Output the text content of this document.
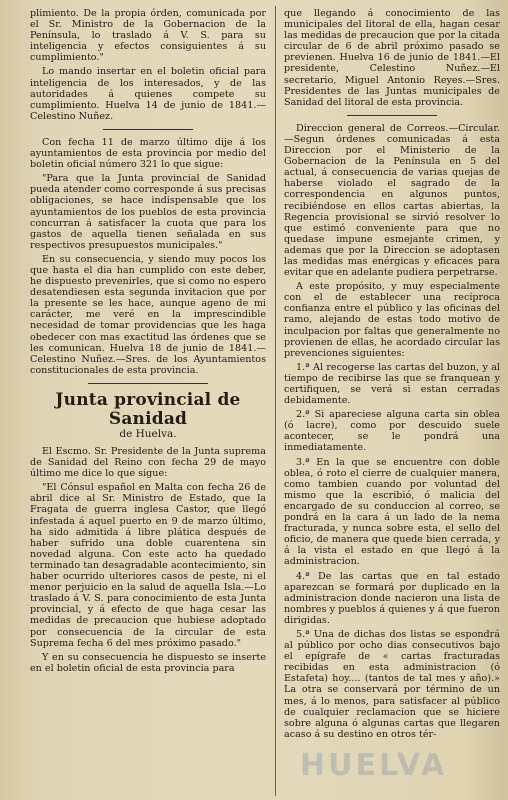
plimiento. De la propia órden, comunicada por el Sr. Ministro de la Gobernacion de la Península, lo traslado á V. S. para su inteligencia y efectos consiguientes á su cumplimiento."

Lo mando insertar en el boletin oficial para inteligencia de los interesados, y de las autoridades á quienes compete su cumplimiento. Huelva 14 de junio de 1841.—Celestino Nuñez.

Con fecha 11 de marzo último dije á los ayuntamientos de esta provincia por medio del boletin oficial número 321 lo que sigue:

"Para que la Junta provincial de Sanidad pueda atender como corresponde á sus precisas obligaciones, se hace indispensable que los ayuntamientos de los pueblos de esta provincia concurran á satisfacer la cuota que para los gastos de aquella tienen señalada en sus respectivos presupuestos municipales."

En su consecuencia, y siendo muy pocos los que hasta el dia han cumplido con este deber, he dispuesto prevenirles, que si como no espero desatendiesen esta segunda invitacion que por la presente se les hace, aunque ageno de mi carácter, me veré en la imprescindible necesidad de tomar providencias que les haga obedecer con mas exactitud las órdenes que se les comunican. Huelva 18 de junio de 1841.—Celestino Nuñez.—Sres. de los Ayuntamientos constitucionales de esta provincia.

Junta provincial de Sanidad
de Huelva.

El Escmo. Sr. Presidente de la Junta suprema de Sanidad del Reino con fecha 29 de mayo último me dice lo que sigue:

"El Cónsul español en Malta con fecha 26 de abril dice al Sr. Ministro de Estado, que la Fragata de guerra inglesa Castor, que llegó infestada á aquel puerto en 9 de marzo último, ha sido admitida á libre plática después de haber sufrido una doble cuarentena sin novedad alguna. Con este acto ha quedado terminado tan desagradable acontecimiento, sin haber ocurrido ulteriores casos de peste, ni el menor perjuicio en la salud de aquella Isla.—Lo traslado á V. S. para conocimiento de esta Junta provincial, y á efecto de que haga cesar las medidas de precaucion que hubiese adoptado por consecuencia de la circular de esta Suprema fecha 6 del mes próximo pasado."

Y en su consecuencia he dispuesto se inserte en el boletin oficial de esta provincia para

que llegando á conocimiento de las municipales del litoral de ella, hagan cesar las medidas de precaucion que por la citada circular de 6 de abril próximo pasado se previenen. Huelva 16 de junio de 1841.—El presidente, Celestino Nuñez.—El secretario, Miguel Antonio Reyes.—Sres. Presidentes de las Juntas municipales de Sanidad del litoral de esta provincia.

Direccion general de Correos.—Circular. —Segun órdenes comunicadas á esta Direccion por el Ministerio de la Gobernacion de la Península en 5 del actual, á consecuencia de varias quejas de haberse violado el sagrado de la correspondencia en algunos puntos, recibiéndose en ellos cartas abiertas, la Regencia provisional se sirvió resolver lo que estimó conveniente para que no quedase impune esmejante crimen, y ademas que por la Direccion se adoptasen las medidas mas enérgicas y eficaces para evitar que en adelante pudiera perpetrarse.

A este propósito, y muy especialmente con el de establecer una recíproca confianza entre el público y las oficinas del ramo, alejando de estas todo motivo de inculpacion por faltas que generalmente no provienen de ellas, he acordado circular las prevenciones siguientes:

1.ª Al recogerse las cartas del buzon, y al tiempo de recibirse las que se franquean y certifiquen, se verá si estan cerradas debidamente.

2.ª Si apareciese alguna carta sin oblea (ó lacre), como por descuido suele acontecer, se le pondrá una inmediatamente.

3.ª En la que se encuentre con doble oblea, ó roto el cierre de cualquier manera, como tambien cuando por voluntad del mismo que la escribió, ó malicia del encargado de su conduccion al correo, se pondrá en la cara á un lado de la nema fracturada, y nunca sobre esta, el sello del oficio, de manera que quede bien cerrada, y á la vista el estado en que llegó á la administracion.

4.ª De las cartas que en tal estado aparezcan se formará por duplicado en la administracion donde nacieron una lista de nombres y pueblos á quienes y á que fueron dirigidas.

5.ª Una de dichas dos listas se espondrá al público por ocho dias consecutivos bajo el epígrafe de « cartas fracturadas recibidas en esta administracion (ó Estafeta) hoy.... (tantos de tal mes y año).» La otra se conservará por término de un mes, á lo menos, para satisfacer al público de cualquier reclamacion que se hiciere sobre alguna ó algunas cartas que llegaren acaso á su destino en otros tér-

HUELVA
